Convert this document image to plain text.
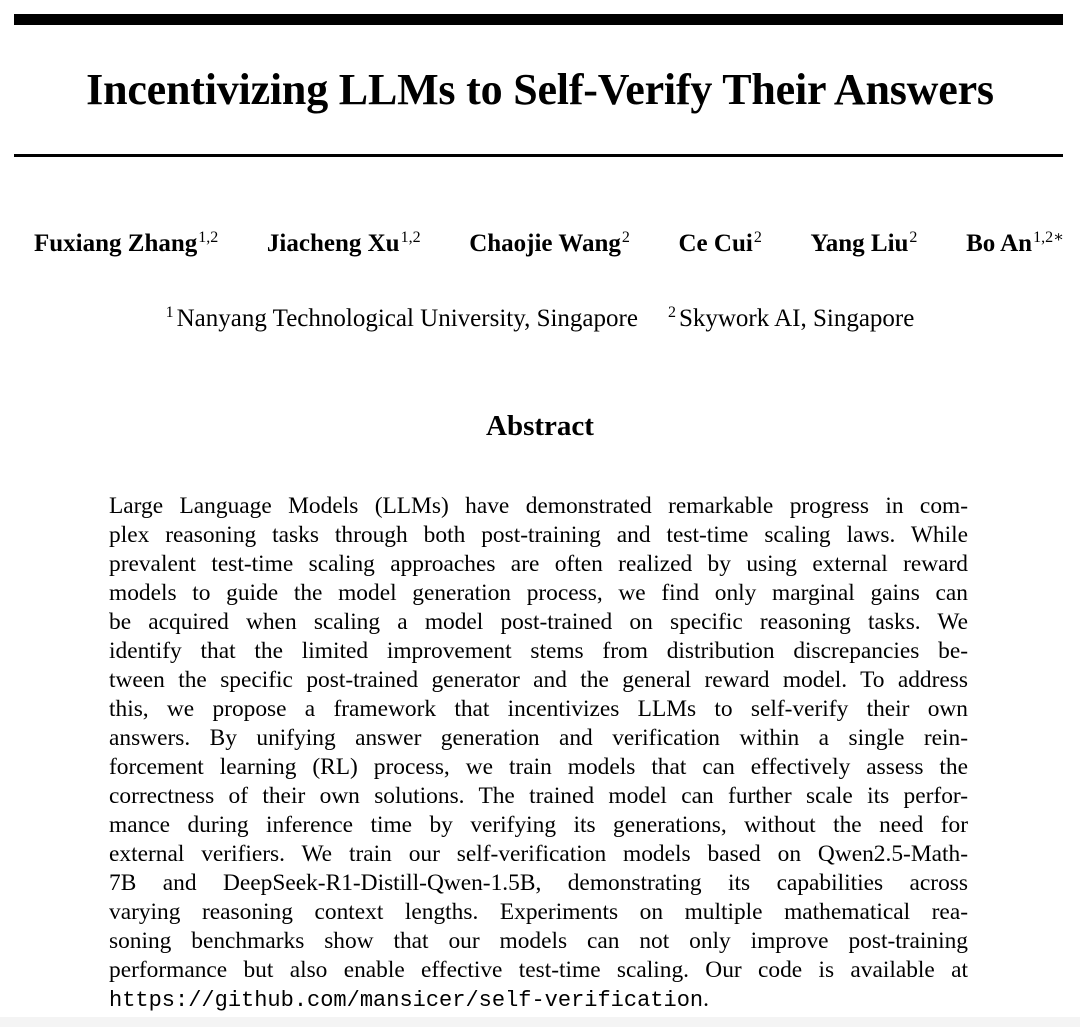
Incentivizing LLMs to Self-Verify Their Answers
Fuxiang Zhang$^{1,2}$ Jiacheng Xu$^{1,2}$ Chaojie Wang$^2$ Ce Cui$^2$ Yang Liu$^2$ Bo $An^{1,2∗}$
$^1$ Nanyang Technological University, Singapore $^2$ Skywork AI, Singapore
Abstract
Large Language Models (LLMs) have demonstrated remarkable progress in com-
plex reasoning tasks through both post-training and test-time scaling laws. While
prevalent test-time scaling approaches are often realized by using external reward
models to guide the model generation process, we find only marginal gains can
be acquired when scaling a model post-trained on specific reasoning tasks. We
identify that the limited improvement stems from distribution discrepancies be-
tween the specific post-trained generator and the general reward model. To address
this, we propose a framework that incentivizes LLMs to self-verify their own
answers. By unifying answer generation and verification within a single rein-
forcement learning (RL) process, we train models that can effectively assess the
correctness of their own solutions. The trained model can further scale its perfor-
mance during inference time by verifying its generations, without the need for
external verifiers. We train our self-verification models based on Qwen2.5-Math-
7B and DeepSeek-R1-Distill-Qwen-1.5B, demonstrating its capabilities across
varying reasoning context lengths. Experiments on multiple mathematical rea-
soning benchmarks show that our models can not only improve post-training
performance but also enable effective test-time scaling. Our code is available at
https://github.com/mansicer/self-verification.
